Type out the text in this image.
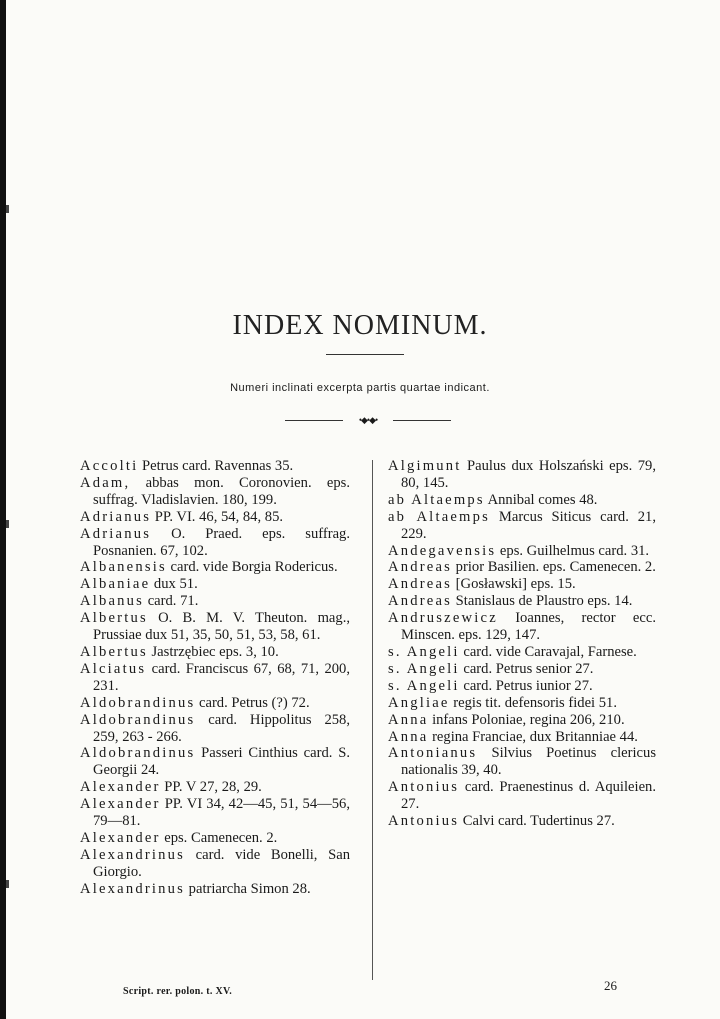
INDEX NOMINUM.
Numeri inclinati excerpta partis quartae indicant.
•◆•◆•
Accolti Petrus card. Ravennas 35.
Adam, abbas mon. Coronovien. eps. suffrag. Vladislavien. 180, 199.
Adrianus PP. VI. 46, 54, 84, 85.
Adrianus O. Praed. eps. suffrag. Posnanien. 67, 102.
Albanensis card. vide Borgia Rodericus.
Albaniae dux 51.
Albanus card. 71.
Albertus O. B. M. V. Theuton. mag., Prussiae dux 51, 35, 50, 51, 53, 58, 61.
Albertus Jastrzębiec eps. 3, 10.
Alciatus card. Franciscus 67, 68, 71, 200, 231.
Aldobrandinus card. Petrus (?) 72.
Aldobrandinus card. Hippolitus 258, 259, 263 - 266.
Aldobrandinus Passeri Cinthius card. S. Georgii 24.
Alexander PP. V 27, 28, 29.
Alexander PP. VI 34, 42—45, 51, 54—56, 79—81.
Alexander eps. Camenecen. 2.
Alexandrinus card. vide Bonelli, San Giorgio.
Alexandrinus patriarcha Simon 28.
Algimunt Paulus dux Holszański eps. 79, 80, 145.
ab Altaemps Annibal comes 48.
ab Altaemps Marcus Siticus card. 21, 229.
Andegavensis eps. Guilhelmus card. 31.
Andreas prior Basilien. eps. Camenecen. 2.
Andreas [Gosławski] eps. 15.
Andreas Stanislaus de Plaustro eps. 14.
Andruszewicz Ioannes, rector ecc. Minscen. eps. 129, 147.
s. Angeli card. vide Caravajal, Farnese.
s. Angeli card. Petrus senior 27.
s. Angeli card. Petrus iunior 27.
Angliae regis tit. defensoris fidei 51.
Anna infans Poloniae, regina 206, 210.
Anna regina Franciae, dux Britanniae 44.
Antonianus Silvius Poetinus clericus nationalis 39, 40.
Antonius card. Praenestinus d. Aquileien. 27.
Antonius Calvi card. Tudertinus 27.
Script. rer. polon. t. XV.	26
